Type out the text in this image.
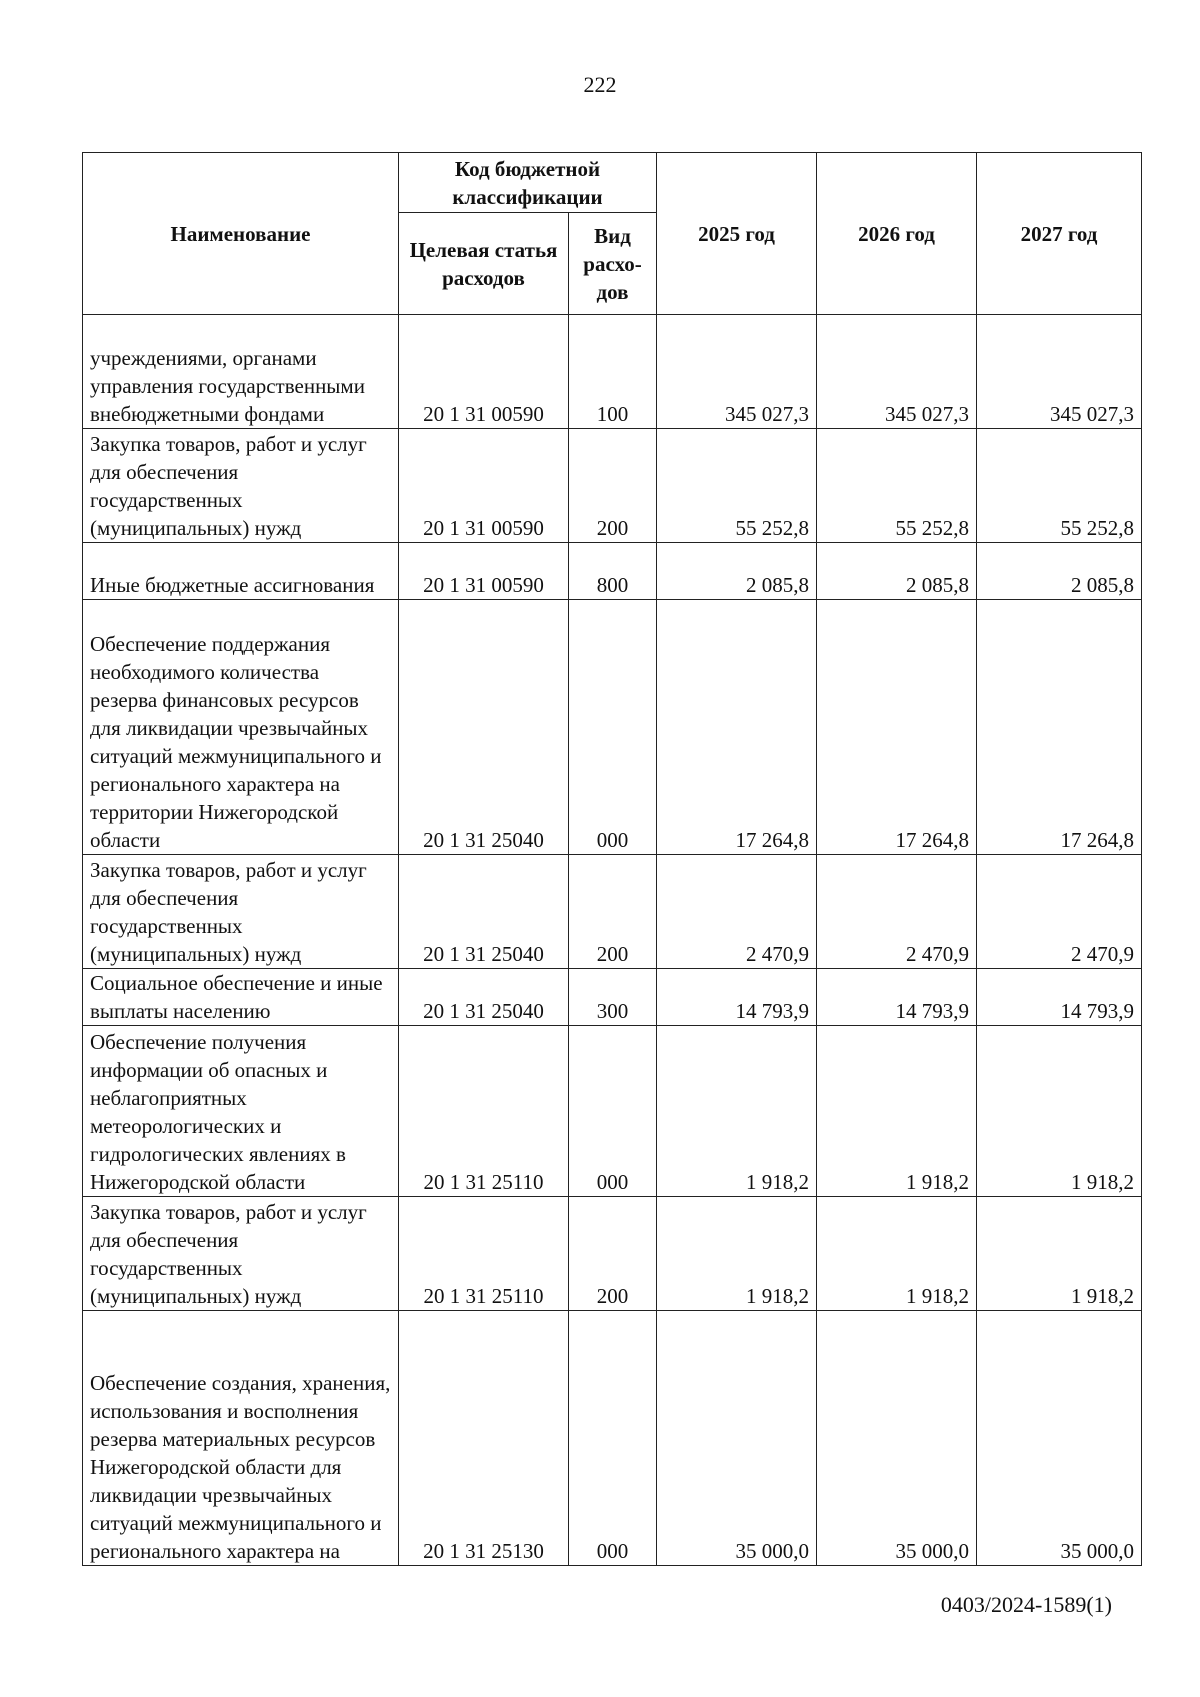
222
Наименование	Код бюджетной классификации		2025 год	2026 год	2027 год
	Целевая статья расходов	Вид расхо-дов			
учреждениями, органами управления государственными внебюджетными фондами	20 1 31 00590	100	345 027,3	345 027,3	345 027,3
Закупка товаров, работ и услуг для обеспечения государственных (муниципальных) нужд	20 1 31 00590	200	55 252,8	55 252,8	55 252,8
Иные бюджетные ассигнования	20 1 31 00590	800	2 085,8	2 085,8	2 085,8
Обеспечение поддержания необходимого количества резерва финансовых ресурсов для ликвидации чрезвычайных ситуаций межмуниципального и регионального характера на территории Нижегородской области	20 1 31 25040	000	17 264,8	17 264,8	17 264,8
Закупка товаров, работ и услуг для обеспечения государственных (муниципальных) нужд	20 1 31 25040	200	2 470,9	2 470,9	2 470,9
Социальное обеспечение и иные выплаты населению	20 1 31 25040	300	14 793,9	14 793,9	14 793,9
Обеспечение получения информации об опасных и неблагоприятных метеорологических и гидрологических явлениях в Нижегородской области	20 1 31 25110	000	1 918,2	1 918,2	1 918,2
Закупка товаров, работ и услуг для обеспечения государственных (муниципальных) нужд	20 1 31 25110	200	1 918,2	1 918,2	1 918,2
Обеспечение создания, хранения, использования и восполнения резерва материальных ресурсов Нижегородской области для ликвидации чрезвычайных ситуаций межмуниципального и регионального характера на	20 1 31 25130	000	35 000,0	35 000,0	35 000,0
0403/2024-1589(1)
